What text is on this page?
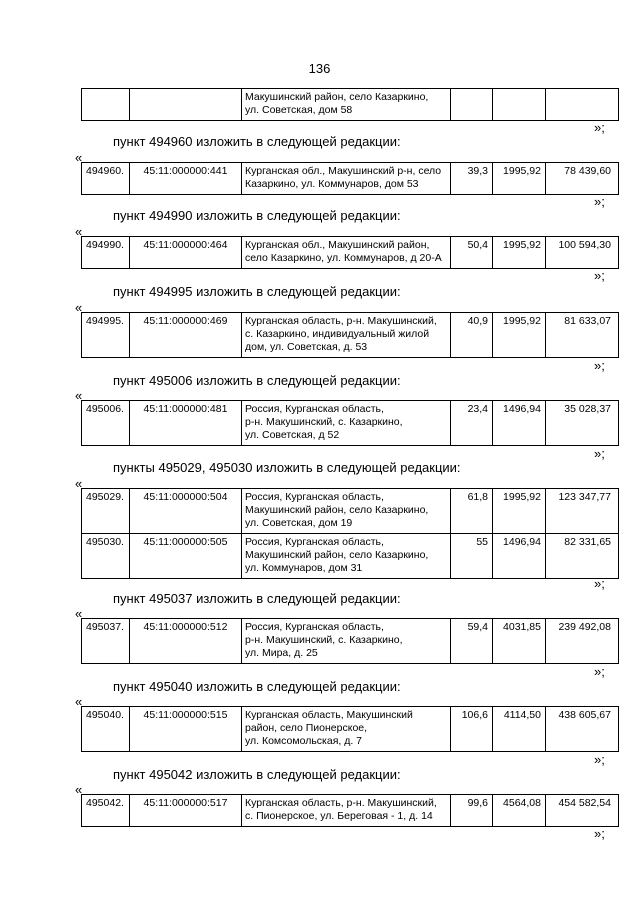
136

Макушинский район, село Казаркино,
ул. Советская, дом 58

»;
пункт 494960 изложить в следующей редакции:
«
494960.	45:11:000000:441	Курганская обл., Макушинский р-н, село
Казаркино, ул. Коммунаров, дом 53
	39,3	1995,92	78 439,60
»;
пункт 494990 изложить в следующей редакции:
«
494990.	45:11:000000:464	Курганская обл., Макушинский район,
село Казаркино, ул. Коммунаров, д 20-А
	50,4	1995,92	100 594,30
»;
пункт 494995 изложить в следующей редакции:
«
494995.	45:11:000000:469	Курганская область, р-н. Макушинский,
с. Казаркино, индивидуальный жилой
дом, ул. Советская, д. 53
	40,9	1995,92	81 633,07
»;
пункт 495006 изложить в следующей редакции:
«
495006.	45:11:000000:481	Россия, Курганская область,
р-н. Макушинский, с. Казаркино,
ул. Советская, д 52
	23,4	1496,94	35 028,37
»;
пункты 495029, 495030 изложить в следующей редакции:
«
495029.	45:11:000000:504	Россия, Курганская область,
Макушинский район, село Казаркино,
ул. Советская, дом 19	61,8	1995,92	123 347,77
495030.	45:11:000000:505	Россия, Курганская область,
Макушинский район, село Казаркино,
ул. Коммунаров, дом 31	55	1496,94	82 331,65
»;
пункт 495037 изложить в следующей редакции:
«
495037.	45:11:000000:512	Россия, Курганская область,
р-н. Макушинский, с. Казаркино,
ул. Мира, д. 25
	59,4	4031,85	239 492,08
»;
пункт 495040 изложить в следующей редакции:
«
495040.	45:11:000000:515	Курганская область, Макушинский
район, село Пионерское,
ул. Комсомольская, д. 7
	106,6	4114,50	438 605,67
»;
пункт 495042 изложить в следующей редакции:
«
495042.	45:11:000000:517	Курганская область, р-н. Макушинский,
с. Пионерское, ул. Береговая - 1, д. 14
	99,6	4564,08	454 582,54
»;
